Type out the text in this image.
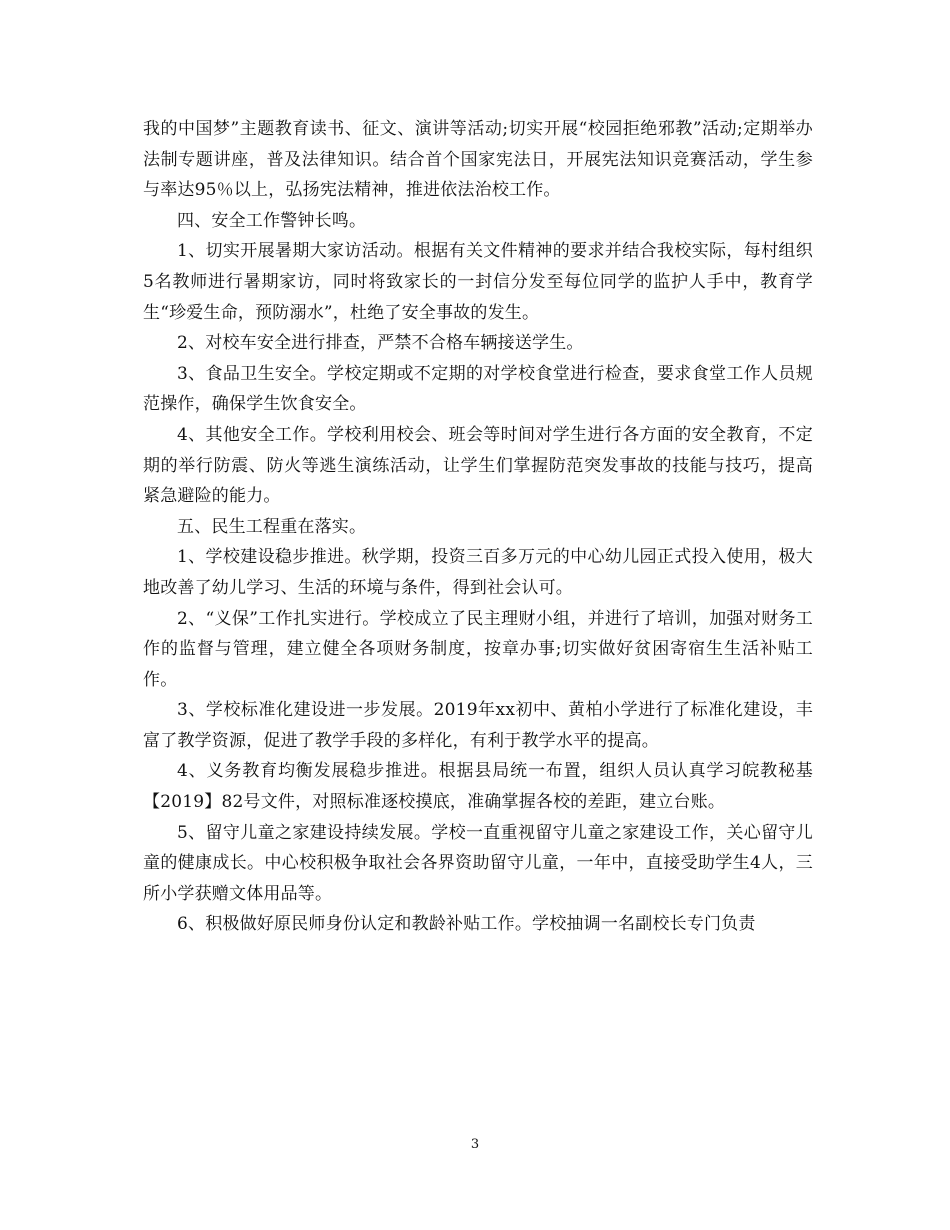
我的中国梦”主题教育读书、征文、演讲等活动;切实开展“校园拒绝邪教”活动;定期举办法制专题讲座，普及法律知识。结合首个国家宪法日，开展宪法知识竞赛活动，学生参与率达95％以上，弘扬宪法精神，推进依法治校工作。

四、安全工作警钟长鸣。

1、切实开展暑期大家访活动。根据有关文件精神的要求并结合我校实际，每村组织5名教师进行暑期家访，同时将致家长的一封信分发至每位同学的监护人手中，教育学生“珍爱生命，预防溺水”，杜绝了安全事故的发生。

2、对校车安全进行排查，严禁不合格车辆接送学生。

3、食品卫生安全。学校定期或不定期的对学校食堂进行检查，要求食堂工作人员规范操作，确保学生饮食安全。

4、其他安全工作。学校利用校会、班会等时间对学生进行各方面的安全教育，不定期的举行防震、防火等逃生演练活动，让学生们掌握防范突发事故的技能与技巧，提高紧急避险的能力。

五、民生工程重在落实。

1、学校建设稳步推进。秋学期，投资三百多万元的中心幼儿园正式投入使用，极大地改善了幼儿学习、生活的环境与条件，得到社会认可。

2、“义保”工作扎实进行。学校成立了民主理财小组，并进行了培训，加强对财务工作的监督与管理，建立健全各项财务制度，按章办事;切实做好贫困寄宿生生活补贴工作。

3、学校标准化建设进一步发展。2019年xx初中、黄柏小学进行了标准化建设，丰富了教学资源，促进了教学手段的多样化，有利于教学水平的提高。

4、义务教育均衡发展稳步推进。根据县局统一布置，组织人员认真学习皖教秘基【2019】82号文件，对照标准逐校摸底，准确掌握各校的差距，建立台账。

5、留守儿童之家建设持续发展。学校一直重视留守儿童之家建设工作，关心留守儿童的健康成长。中心校积极争取社会各界资助留守儿童，一年中，直接受助学生4人，三所小学获赠文体用品等。

6、积极做好原民师身份认定和教龄补贴工作。学校抽调一名副校长专门负责

3
